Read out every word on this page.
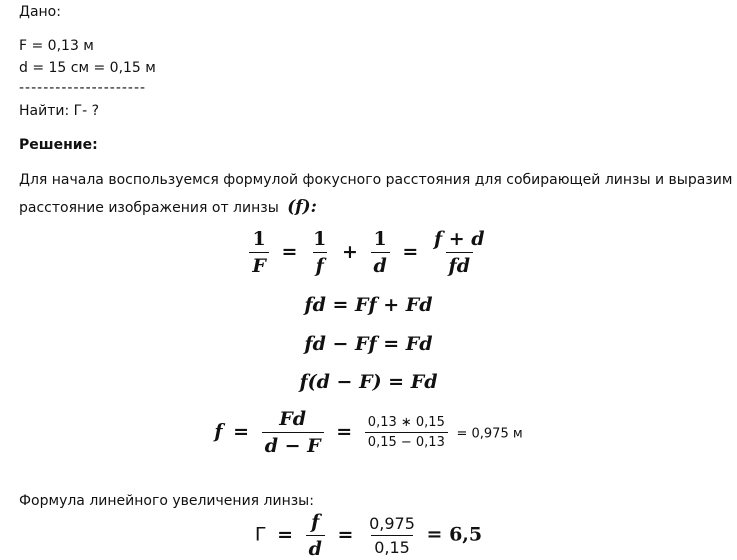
Дано:
F = 0,13 м
d = 15 см = 0,15 м
---------------------
Найти: Г- ?
Решение:
Для начала воспользуемся формулой фокусного расстояния для собирающей линзы и выразим
расстояние изображения от линзы (f):
$\frac{1}{F} = \frac{1}{f} + \frac{1}{d} = \frac{f + d}{fd}$
fd = Ff + Fd
fd − Ff = Fd
f(d − F) = Fd
$f = \frac{Fd}{d - F} = \frac{0,13 ∗ 0,15}{0,15 - 0,13} = 0,975$ м
Формула линейного увеличения линзы:
$Г = \frac{f}{d} = \frac{0,975}{0,15} = 6,5$
